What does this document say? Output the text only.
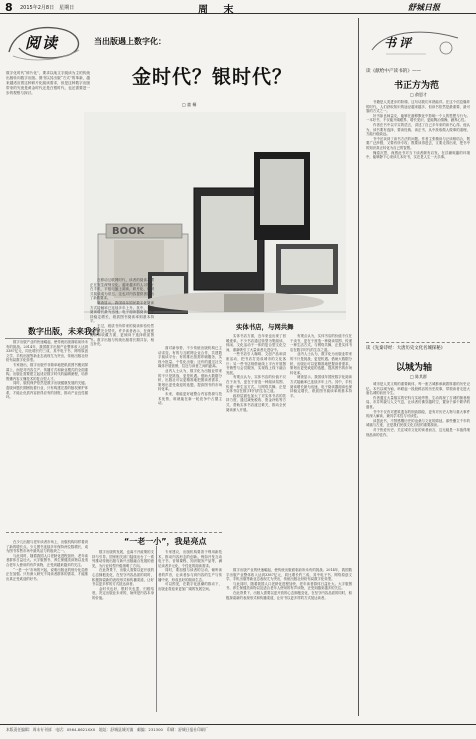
8 2015年2月8日　星期日	周 末	舒城日报
阅读	当出版遇上数字化：
金时代？银时代？
□ 童 桐
数字化时代“碎片化”，要求以纯文字阅读为主的传统出版转向数字出版。图书以其出版“方式”的革新，越来越适应着这种碎片化阅读需求，但是这种数字出版带来的究竟是黄金时代还是白银时代，也还需要进一步的观察与探讨。
BOOK
实体书店，与网共舞
数字出版，未来我行

数字出版产业的快速崛起，使传统出版面临前所未有的挑战。2014年，我国数字出版产业整体收入达到3387亿元，同比增长约三成，其中电子书、网络原创文学、手机出版等新业态表现尤为突出，传统出版社纷纷布局数字化转型。

专家指出，数字出版并非简单地把纸质图书搬到屏幕上，而是对内容生产、传播方式和商业模式的全面重构。出版社需要建立起适应数字时代的编辑流程，培养既懂内容又懂技术的复合型人才。

同时，版权保护依然是数字出版健康发展的关键。盗版问题长期困扰着行业，只有构建完善的版权保护体系，才能让优质内容获得应有的回报，推动产业良性循环。

在移动互联网时代，读者的阅读习惯正在发生深刻变化。越来越多的人习惯于在手机、平板电脑上阅读，碎片化、快餐式阅读成为常态，这也对内容提供者提出了新的要求。

调查显示，我国成年国民数字化阅读方式接触率已连续多年上升。其中，手机阅读增长最为迅速，电子阅读器阅读也保持稳定增长，纸质图书阅读率则基本持平。

不过，纸质书所带来的阅读体验仍然无法被完全替代。许多读者表示，在深度阅读和收藏方面，更倾向于选择纸质图书。数字出版与传统出版将长期共存、相互补充。

面对新形势，不少传统出版机构已主动求变。有的与互联网企业合作，共建数字阅读平台；有的推出按需印刷服务，实现小批量、个性化出版；还有的通过社交媒体开展营销，拉近与读者之间的距离。

业内人士认为，数字化为出版业带来的不只是挑战，更是机遇。借助大数据分析，出版社可以更精准地把握读者需求，策划出更受欢迎的选题，提高图书的市场转化率。

未来，谁能更好地整合内容资源与技术优势，谁就能在新一轮竞争中占据主动。

实体书店方面，近年来也出现了回暖迹象。不少书店通过转型为集阅读、休闲、文化活动于一体的复合型文化空间，重新吸引了大量读者走进店中。

一些书店引入咖啡、文创产品和讲座活动，把书店打造成城市的文化客厅；另一些书店则借助线上平台开展图书销售与会员服务，实现线上线下融合发展。

有观点认为，实体书店的价值不仅在于卖书，更在于营造一种阅读氛围、传递一种生活方式。与网络共舞，正是实体书店在数字时代的生存之道。

政府层面也加大了对实体书店的扶持力度，通过减免税收、资金补贴等方式，帮助实体书店渡过难关，推动全民阅读深入开展。

有观点认为，实体书店的价值不仅在于卖书，更在于营造一种阅读氛围、传递一种生活方式。与网络共舞，正是实体书店在数字时代的生存之道。

业内人士认为，数字化为出版业带来的不只是挑战，更是机遇。借助大数据分析，出版社可以更精准地把握读者需求，策划出更受欢迎的选题，提高图书的市场转化率。

调查显示，我国成年国民数字化阅读方式接触率已连续多年上升。其中，手机阅读增长最为迅速，电子阅读器阅读也保持稳定增长，纸质图书阅读率则基本持平。

“一老一小”，我是亮点

在少儿出版与老年读者市场上，出版机构同样看到了新的增长点。少儿图书连续多年保持两位数增长，成为图书零售市场中最具活力的板块之一。

与此同时，随着我国人口老龄化进程加快，老年读者群体日益壮大。大字版图书、养生保健类读物以及适合老年人使用的有声读物，正受到越来越多的关注。

“一老一小”市场的兴起，说明出版业的细分化趋势正在加强。只有深入研究不同读者群体的需求，才能推出真正受欢迎的好书。

数字出版的发展，也离不开政策的支持与引导。国家相关部门陆续出台了一系列推动传统出版与新兴出版融合发展的意见，为行业转型升级指明了方向。

在此背景下，出版人需要以更开放的心态拥抱变化，在坚守内容品质的同时，积极探索新的表现形式和传播渠道，让好书以更多样的方式抵达读者。

金时代也好，银时代也罢，归根结底，决定出版业未来的，始终是内容本身的价值。

专家建议，出版机构要善于利用新技术，推动内容形态的创新。例如开发互动电子书、音频课程、知识服务产品等，满足读者多元化、个性化的阅读需求。

同时，要加强与读者的互动，倾听读者的声音，让读者参与到内容的生产与传播中来，形成良好的阅读生态。

可以预见，在数字化浪潮的推动下，出版业将迎来更加广阔的发展空间。

数字出版产业的快速崛起，使传统出版面临前所未有的挑战。2014年，我国数字出版产业整体收入达到3387亿元，同比增长约三成，其中电子书、网络原创文学、手机出版等新业态表现尤为突出，传统出版社纷纷布局数字化转型。

与此同时，随着我国人口老龄化进程加快，老年读者群体日益壮大。大字版图书、养生保健类读物以及适合老年人使用的有声读物，正受到越来越多的关注。

在此背景下，出版人需要以更开放的心态拥抱变化，在坚守内容品质的同时，积极探索新的表现形式和传播渠道，让好书以更多样的方式抵达读者。

书评
读《献给中产读书的》——
书正方为范
□ 俞恩才

书籍是人类进步的阶梯，这句话我们耳熟能详。在这个信息爆炸的时代，人们获取知识的途径越来越多，但读书依然是最重要、最可靠的方式之一。

好书如良师益友，能够在潜移默化中影响一个人的思想与行为。一本好书，不仅能开阔眼界、增长见识，更能陶冶情操、涵养心性。

作者在书中以平实的语言，讲述了自己多年来的读书心得。他认为，读书要有选择，要读经典、读正书，从中汲取做人做事的道理，方能行稳致远。

书中还谈到了读书方法的问题。作者主张精读与泛读相结合，既要广泛涉猎，又要有所专攻；既要读得进去，又要走得出来，把书中的知识真正转化为自己的智慧。

掩卷沉思，深感此书对当下读者颇有启发。在浮躁喧嚣的环境中，能够静下心来读几本好书，实在是人生一大乐事。

读《先秦诗经：大唐历史文化名城探秘》
以城为轴
□ 陈其群

城市是人类文明的重要载体，每一座古城都承载着厚重的历史记忆。本书以城为轴，串联起一段段鲜活的历史故事，带领读者走进大唐名城的前世今生。

作者通过大量翔实的史料与实地考察，生动再现了古城的街巷格局、市井风貌与人文气息，让读者仿佛穿越时空，置身于那个繁华的盛世。

书中不仅有对建筑遗存的细致描绘，更有对历史人物与重大事件的深入解读，兼具学术性与可读性。

读罢此书，不禁感慨历史的沧桑与文化的绵延。那些矗立千年的城墙与古迹，正是我们民族文化自信的重要源泉。

对于热爱历史、关注城市文化的读者而言，这无疑是一本值得细细品读的佳作。

本版责任编辑：周末专刊部　电话：0564-8621XXX　地址：舒城县城关镇　邮编：231300　印刷：舒城日报社印刷厂
